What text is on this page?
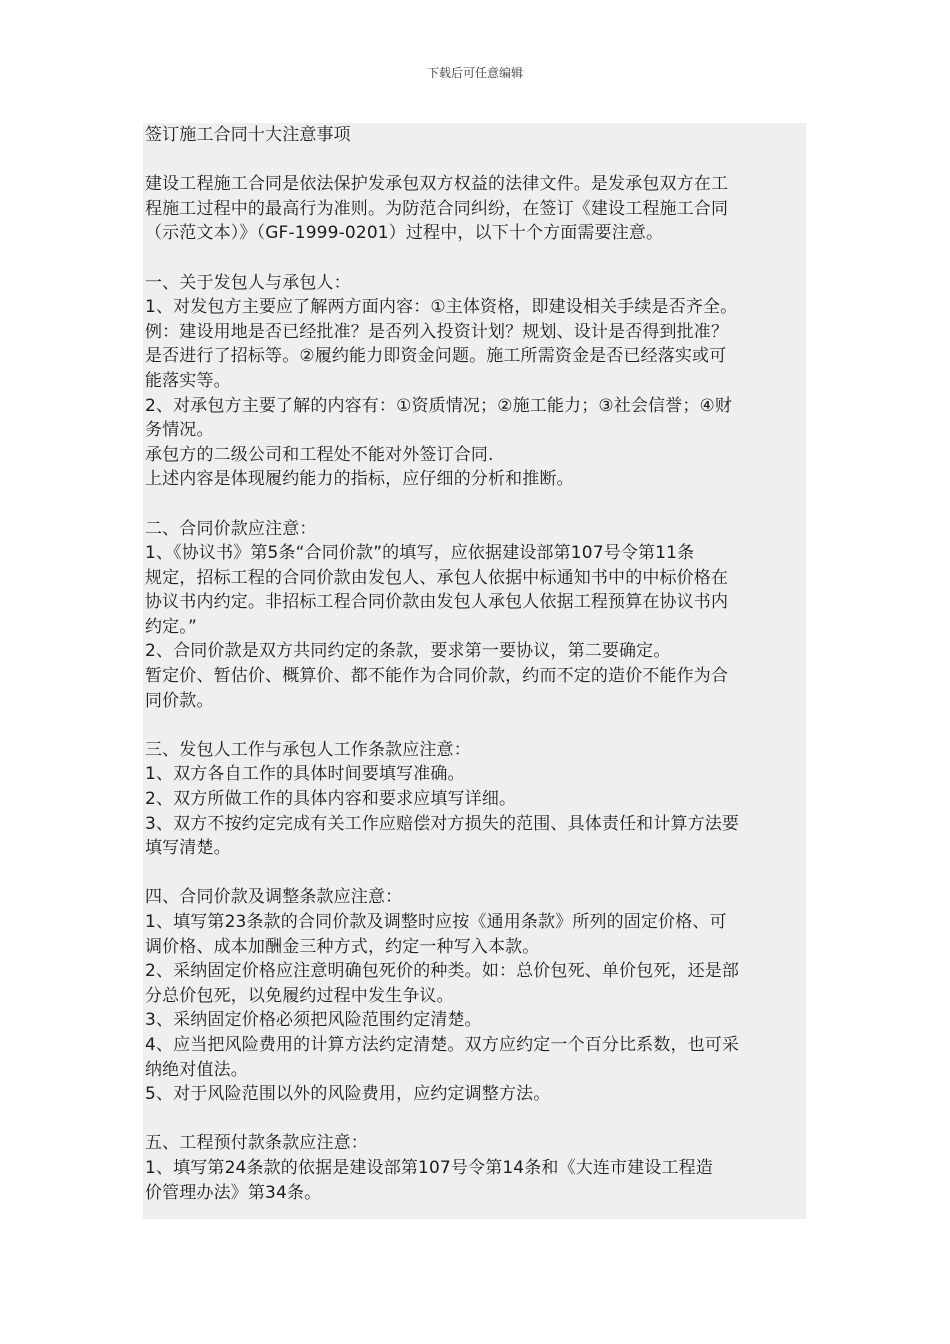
下载后可任意编辑
签订施工合同十大注意事项
建设工程施工合同是依法保护发承包双方权益的法律文件。是发承包双方在工
程施工过程中的最高行为准则。为防范合同纠纷，在签订《建设工程施工合同
（示范文本）》（GF-1999-0201）过程中，以下十个方面需要注意。
一、关于发包人与承包人：
1、对发包方主要应了解两方面内容：①主体资格，即建设相关手续是否齐全。
例：建设用地是否已经批准？是否列入投资计划？规划、设计是否得到批准？
是否进行了招标等。②履约能力即资金问题。施工所需资金是否已经落实或可
能落实等。
2、对承包方主要了解的内容有：①资质情况；②施工能力；③社会信誉；④财
务情况。
承包方的二级公司和工程处不能对外签订合同.
上述内容是体现履约能力的指标，应仔细的分析和推断。
二、合同价款应注意：
1、《协议书》第5条“合同价款”的填写，应依据建设部第107号令第11条
规定，招标工程的合同价款由发包人、承包人依据中标通知书中的中标价格在
协议书内约定。非招标工程合同价款由发包人承包人依据工程预算在协议书内
约定。”
2、合同价款是双方共同约定的条款，要求第一要协议，第二要确定。
暂定价、暂估价、概算价、都不能作为合同价款，约而不定的造价不能作为合
同价款。
三、发包人工作与承包人工作条款应注意：
1、双方各自工作的具体时间要填写准确。
2、双方所做工作的具体内容和要求应填写详细。
3、双方不按约定完成有关工作应赔偿对方损失的范围、具体责任和计算方法要
填写清楚。
四、合同价款及调整条款应注意：
1、填写第23条款的合同价款及调整时应按《通用条款》所列的固定价格、可
调价格、成本加酬金三种方式，约定一种写入本款。
2、采纳固定价格应注意明确包死价的种类。如：总价包死、单价包死，还是部
分总价包死，以免履约过程中发生争议。
3、采纳固定价格必须把风险范围约定清楚。
4、应当把风险费用的计算方法约定清楚。双方应约定一个百分比系数，也可采
纳绝对值法。
5、对于风险范围以外的风险费用，应约定调整方法。
五、工程预付款条款应注意：
1、填写第24条款的依据是建设部第107号令第14条和《大连市建设工程造
价管理办法》第34条。
